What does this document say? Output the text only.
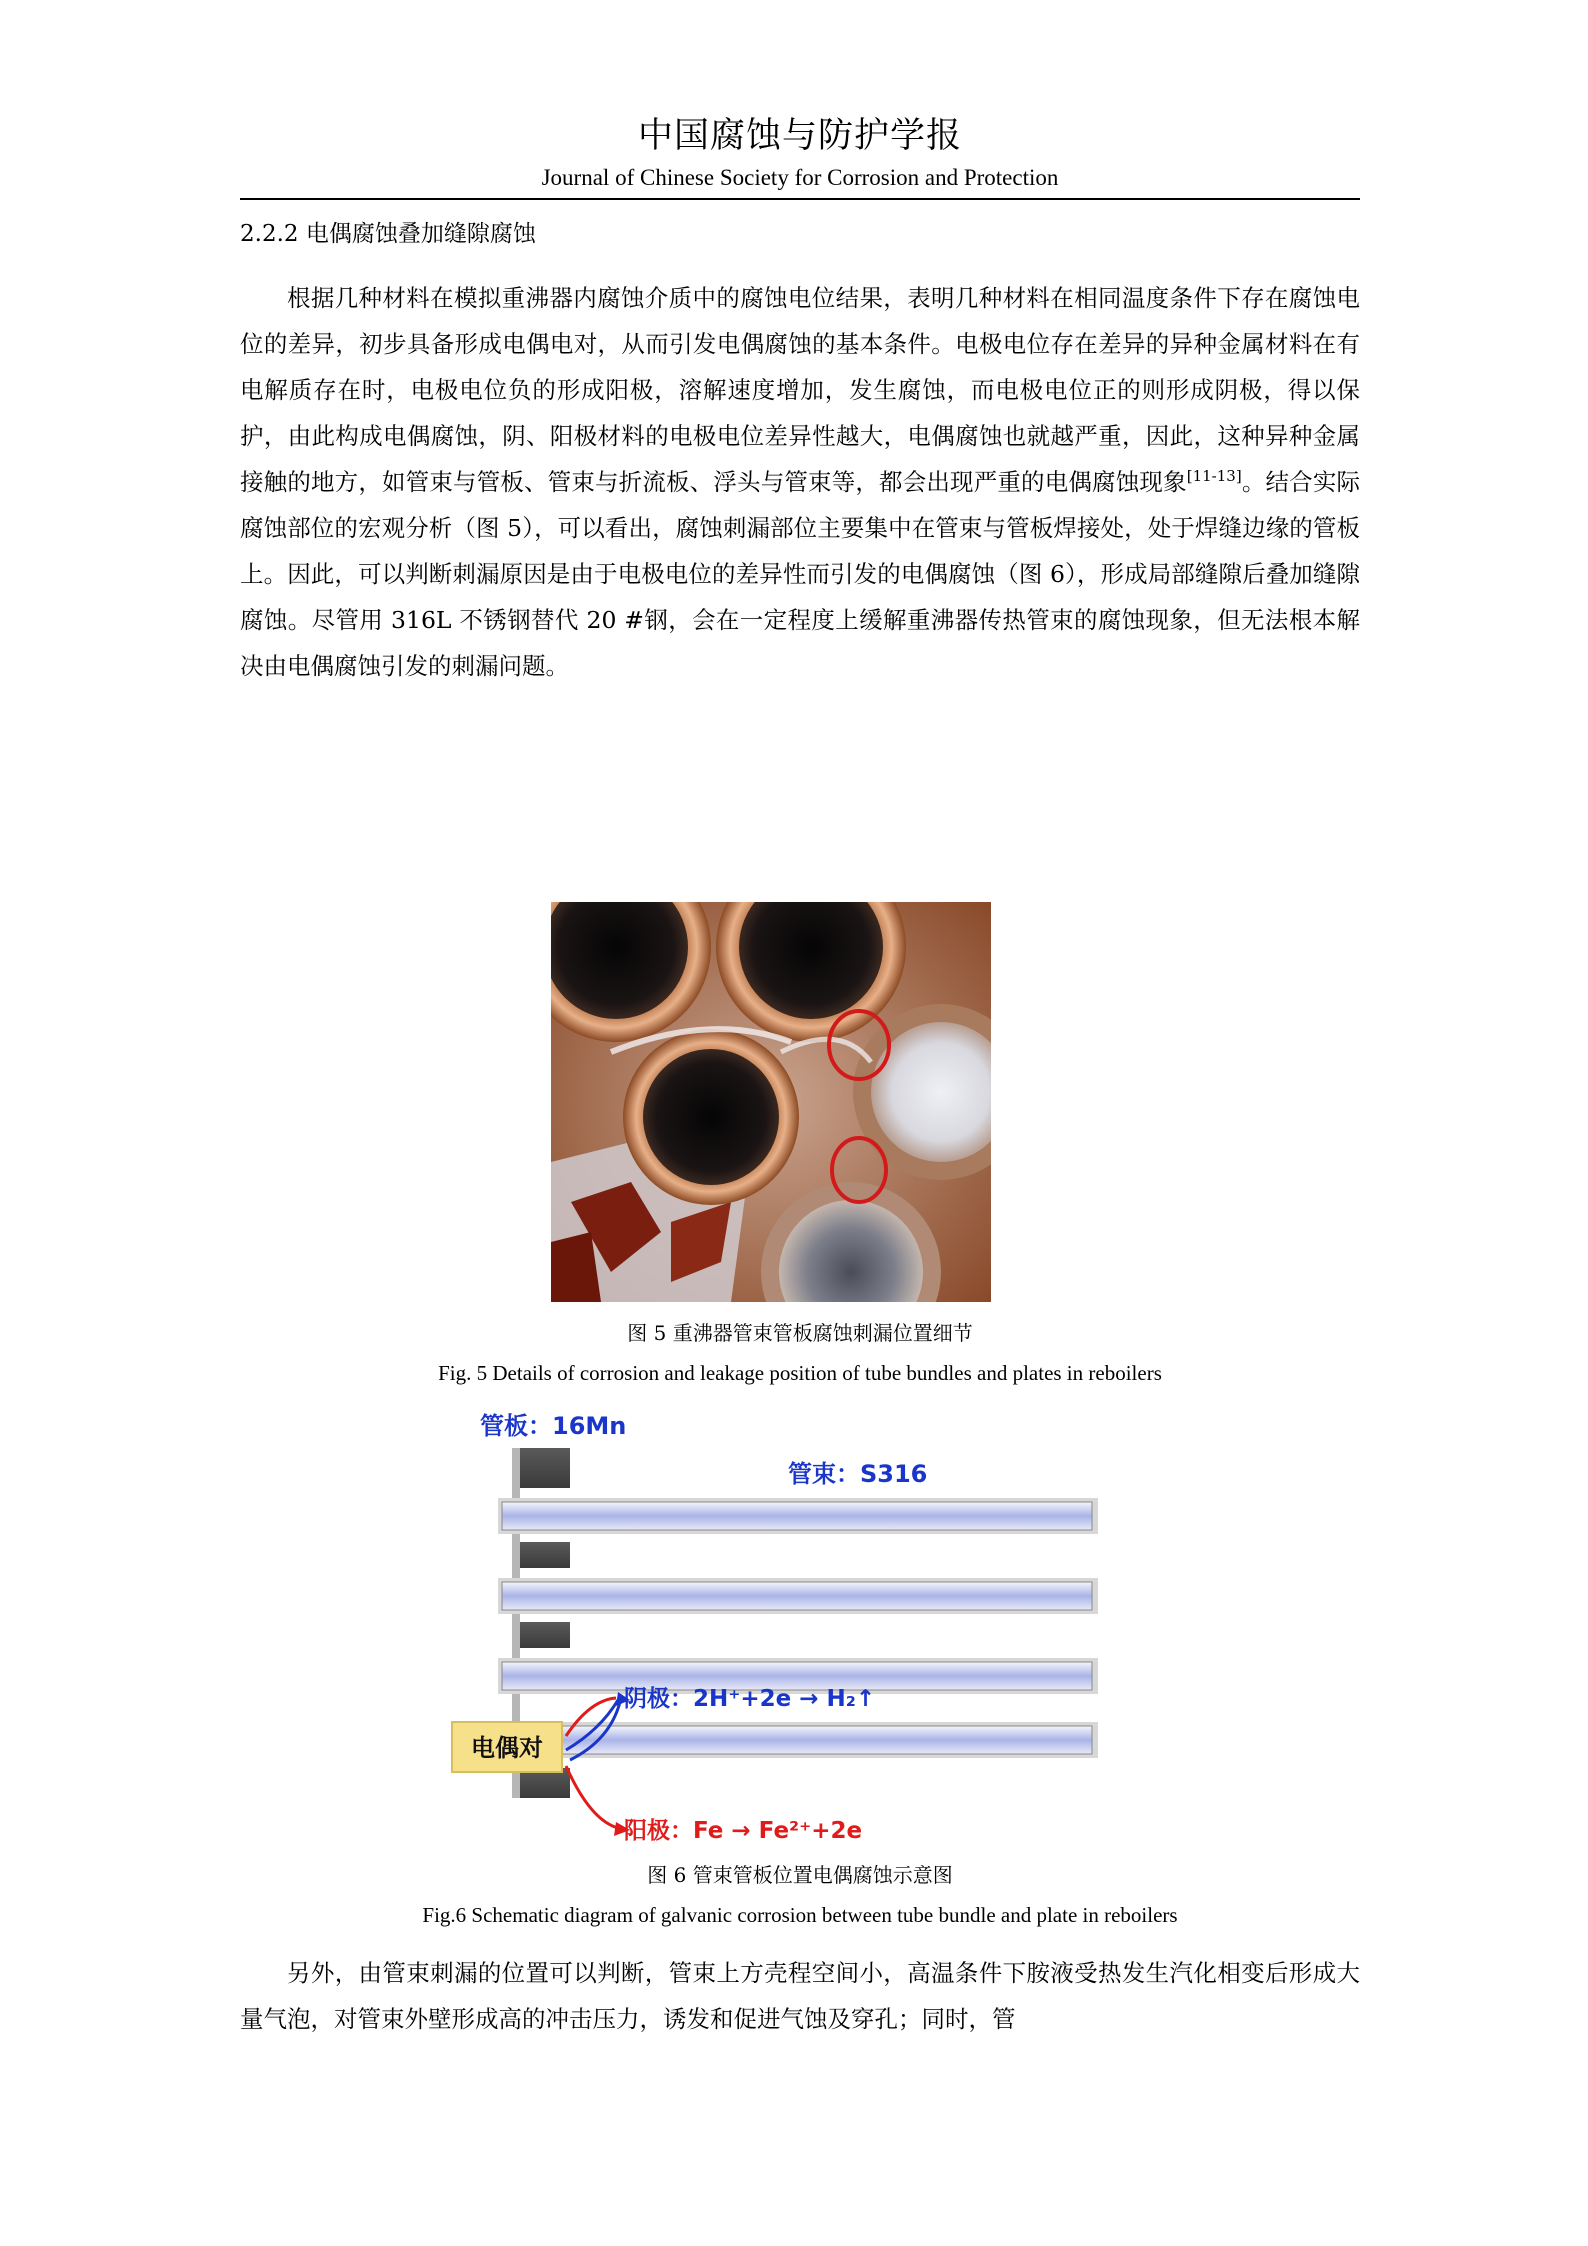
中国腐蚀与防护学报
Journal of Chinese Society for Corrosion and Protection
2.2.2 电偶腐蚀叠加缝隙腐蚀

根据几种材料在模拟重沸器内腐蚀介质中的腐蚀电位结果，表明几种材料在相同温度条件下存在腐蚀电位的差异，初步具备形成电偶电对，从而引发电偶腐蚀的基本条件。电极电位存在差异的异种金属材料在有电解质存在时，电极电位负的形成阳极，溶解速度增加，发生腐蚀，而电极电位正的则形成阴极，得以保护，由此构成电偶腐蚀，阴、阳极材料的电极电位差异性越大，电偶腐蚀也就越严重，因此，这种异种金属接触的地方，如管束与管板、管束与折流板、浮头与管束等，都会出现严重的电偶腐蚀现象[11-13]。结合实际腐蚀部位的宏观分析（图 5），可以看出，腐蚀刺漏部位主要集中在管束与管板焊接处，处于焊缝边缘的管板上。因此，可以判断刺漏原因是由于电极电位的差异性而引发的电偶腐蚀（图 6），形成局部缝隙后叠加缝隙腐蚀。尽管用 316L 不锈钢替代 20 #钢，会在一定程度上缓解重沸器传热管束的腐蚀现象，但无法根本解决由电偶腐蚀引发的刺漏问题。

图 5 重沸器管束管板腐蚀刺漏位置细节
Fig. 5 Details of corrosion and leakage position of tube bundles and plates in reboilers
管板：16Mn
管束：S316
电偶对
阴极：2H⁺+2e → H₂↑
阳极：Fe → Fe²⁺+2e
图 6 管束管板位置电偶腐蚀示意图
Fig.6 Schematic diagram of galvanic corrosion between tube bundle and plate in reboilers

另外，由管束刺漏的位置可以判断，管束上方壳程空间小，高温条件下胺液受热发生汽化相变后形成大量气泡，对管束外壁形成高的冲击压力，诱发和促进气蚀及穿孔；同时，管
